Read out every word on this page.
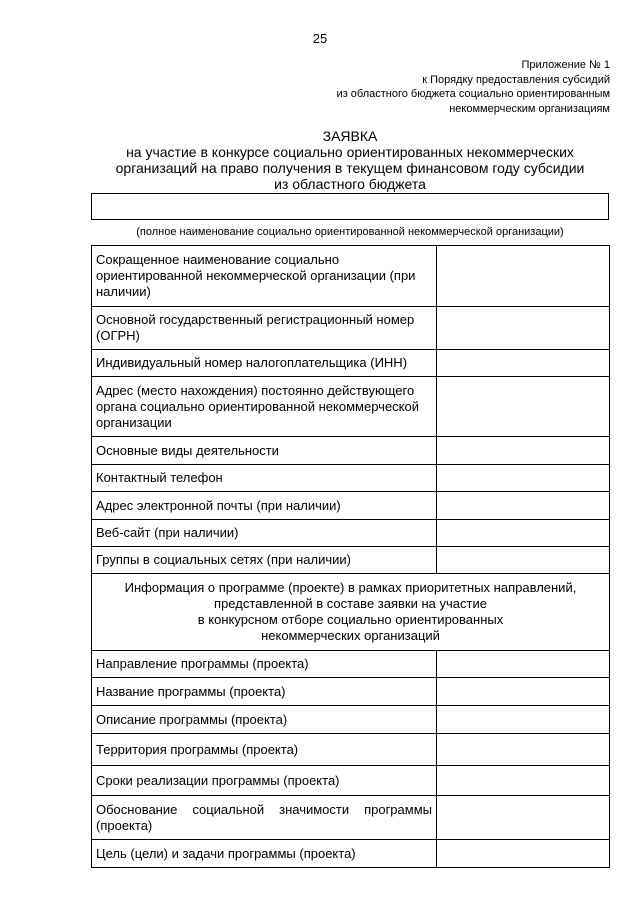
25
Приложение № 1
к Порядку предоставления субсидий
из областного бюджета социально ориентированным
некоммерческим организациям
ЗАЯВКА
на участие в конкурсе социально ориентированных некоммерческих
организаций на право получения в текущем финансовом году субсидии
из областного бюджета
(полное наименование социально ориентированной некоммерческой организации)
Сокращенное наименование социально ориентированной некоммерческой организации (при наличии)	
Основной государственный регистрационный номер (ОГРН)	
Индивидуальный номер налогоплательщика (ИНН)	
Адрес (место нахождения) постоянно действующего органа социально ориентированной некоммерческой организации	
Основные виды деятельности	
Контактный телефон	
Адрес электронной почты (при наличии)	
Веб-сайт (при наличии)	
Группы в социальных сетях (при наличии)	

Информация о программе (проекте) в рамках приоритетных направлений,
представленной в составе заявки на участие
в конкурсном отборе социально ориентированных
некоммерческих организаций	

Направление программы (проекта)	
Название программы (проекта)	
Описание программы (проекта)	
Территория программы (проекта)	
Сроки реализации программы (проекта)	
Обоснование социальной значимости программы (проекта)	
Цель (цели) и задачи программы (проекта)	
